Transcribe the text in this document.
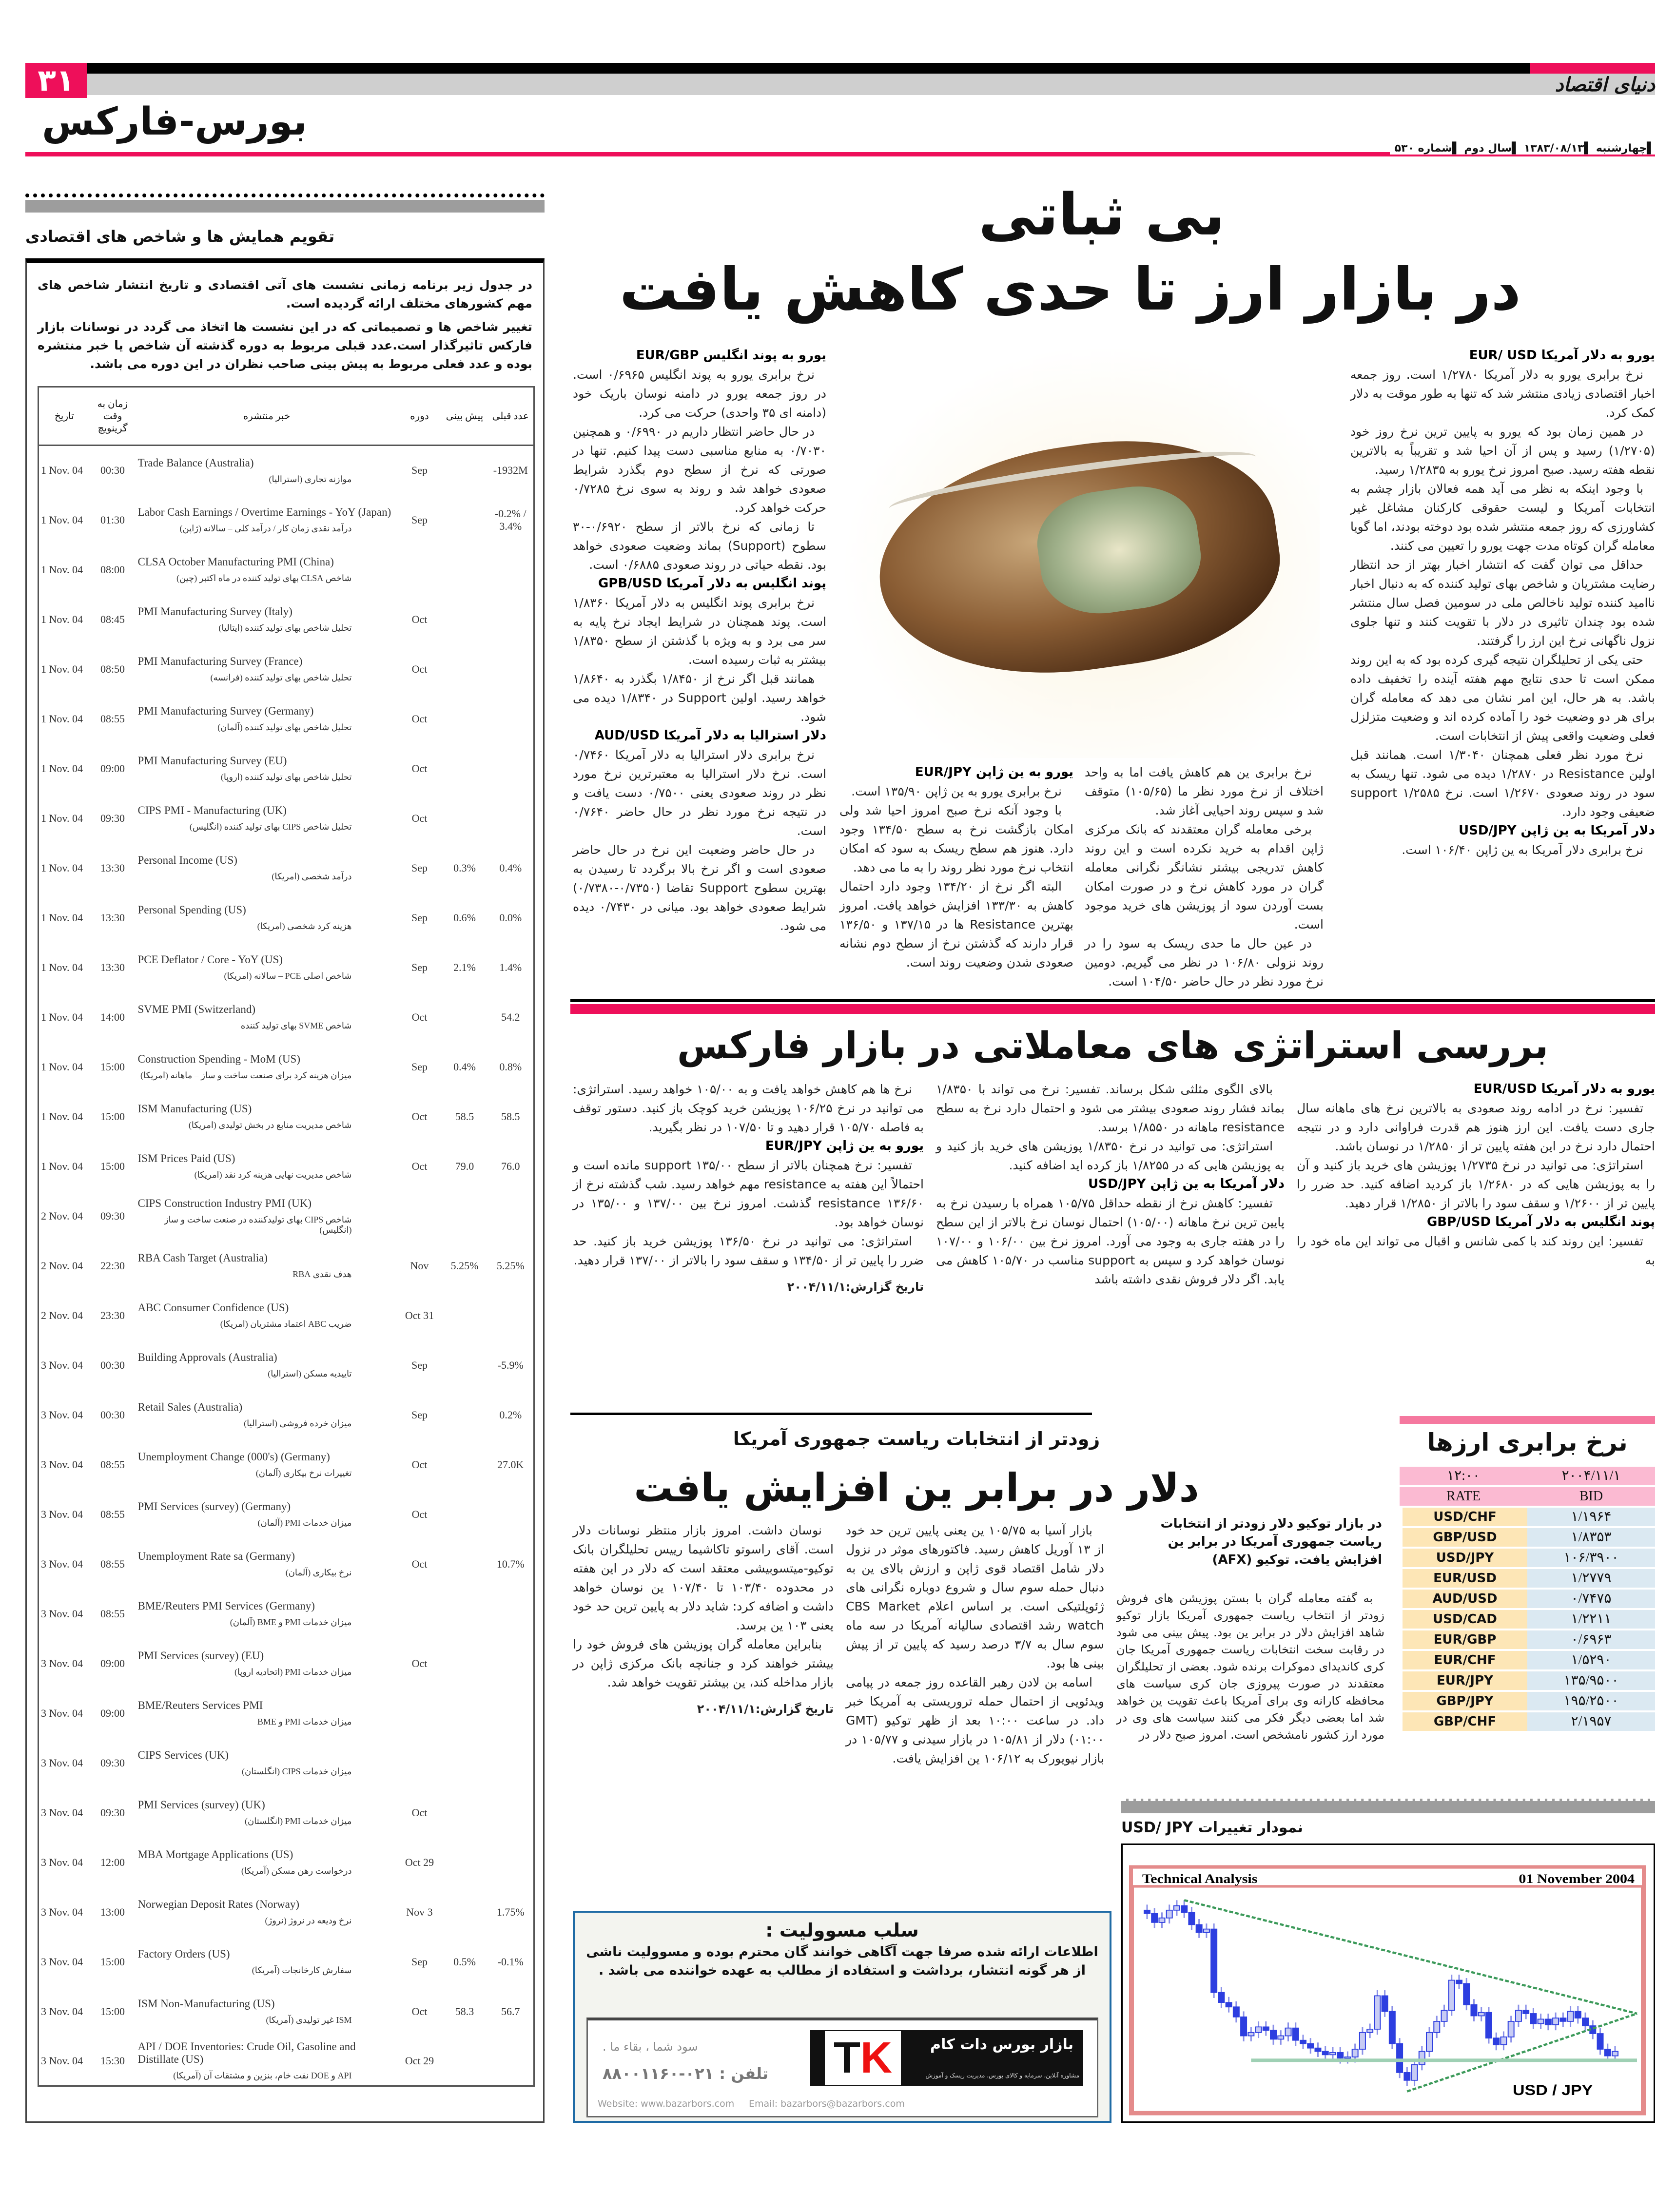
۳۱	دنیای اقتصاد
بورس-فارکس
▌چهارشنبه ▌۱۳۸۳/۰۸/۱۳ ▌سال دوم ▌شماره ۵۳۰
تقویم همایش ها و شاخص های اقتصادی
در جدول زیر برنامه زمانی نشست های آتی اقتصادی و تاریخ انتشار شاخص های مهم کشورهای مختلف ارائه گردیده است.
تغییر شاخص ها و تصمیماتی که در این نشست ها اتخاذ می گردد در نوسانات بازار فارکس تاثیرگذار است.عدد قبلی مربوط به دوره گذشته آن شاخص یا خبر منتشره بوده و عدد فعلی مربوط به پیش بینی صاحب نظران در این دوره می باشد.
تاریخ	زمان به وقت گرینویچ	خبر منتشره	دوره	پیش بینی	عدد قبلی
1 Nov. 04	00:30	Trade Balance (Australia)
موازنه تجاری (استرالیا)	Sep		-1932M
1 Nov. 04	01:30	Labor Cash Earnings / Overtime Earnings - YoY (Japan)
درآمد نقدی زمان کار / درآمد کلی – سالانه (ژاپن)	Sep		-0.2% / 3.4%
1 Nov. 04	08:00	CLSA October Manufacturing PMI (China)
شاخص CLSA بهای تولید کننده در ماه اکتبر (چین)			

1 Nov. 04	08:45	PMI Manufacturing Survey (Italy)
تحلیل شاخص بهای تولید کننده (ایتالیا)	Oct		
1 Nov. 04	08:50	PMI Manufacturing Survey (France)
تحلیل شاخص بهای تولید کننده (فرانسه)	Oct		
1 Nov. 04	08:55	PMI Manufacturing Survey (Germany)
تحلیل شاخص بهای تولید کننده (آلمان)	Oct		
1 Nov. 04	09:00	PMI Manufacturing Survey (EU)
تحلیل شاخص بهای تولید کننده (اروپا)	Oct		
1 Nov. 04	09:30	CIPS PMI - Manufacturing (UK)
تحلیل شاخص CIPS بهای تولید کننده (انگلیس)	Oct		
1 Nov. 04	13:30	Personal Income (US)
درآمد شخصی (امریکا)	Sep	0.3%	0.4%
1 Nov. 04	13:30	Personal Spending (US)
هزینه کرد شخصی (امریکا)	Sep	0.6%	0.0%
1 Nov. 04	13:30	PCE Deflator / Core - YoY (US)
شاخص اصلی PCE – سالانه (امریکا)	Sep	2.1%	1.4%
1 Nov. 04	14:00	SVME PMI (Switzerland)
شاخص SVME بهای تولید کننده	Oct		54.2
1 Nov. 04	15:00	Construction Spending - MoM (US)
میزان هزینه کرد برای صنعت ساخت و ساز – ماهانه (امریکا)	Sep	0.4%	0.8%
1 Nov. 04	15:00	ISM Manufacturing (US)
شاخص مدیریت منابع در بخش تولیدی (امریکا)	Oct	58.5	58.5
1 Nov. 04	15:00	ISM Prices Paid (US)
شاخص مدیریت نهایی هزینه کرد نقد (امریکا)	Oct	79.0	76.0
2 Nov. 04	09:30	CIPS Construction Industry PMI (UK)
شاخص CIPS بهای تولیدکننده در صنعت ساخت و ساز (انگلیس)			

2 Nov. 04	22:30	RBA Cash Target (Australia)
هدف نقدی RBA	Nov	5.25%	5.25%
2 Nov. 04	23:30	ABC Consumer Confidence (US)
ضریب ABC اعتماد مشتریان (امریکا)	Oct 31		
3 Nov. 04	00:30	Building Approvals (Australia)
تاییدیه مسکن (استرالیا)	Sep		-5.9%
3 Nov. 04	00:30	Retail Sales (Australia)
میزان خرده فروشی (استرالیا)	Sep		0.2%
3 Nov. 04	08:55	Unemployment Change (000's) (Germany)
تغییرات نرخ بیکاری (آلمان)	Oct		27.0K
3 Nov. 04	08:55	PMI Services (survey) (Germany)
میزان خدمات PMI (آلمان)	Oct		
3 Nov. 04	08:55	Unemployment Rate sa (Germany)
نرخ بیکاری (آلمان)	Oct		10.7%
3 Nov. 04	08:55	BME/Reuters PMI Services (Germany)
میزان خدمات PMI و BME (آلمان)			

3 Nov. 04	09:00	PMI Services (survey) (EU)
میزان خدمات PMI (اتحادیه اروپا)	Oct		
3 Nov. 04	09:00	BME/Reuters Services PMI
میزان خدمات PMI و BME			

3 Nov. 04	09:30	CIPS Services (UK)
میزان خدمات CIPS (انگلستان)			

3 Nov. 04	09:30	PMI Services (survey) (UK)
میزان خدمات PMI (انگلستان)	Oct		
3 Nov. 04	12:00	MBA Mortgage Applications (US)
درخواست رهن مسکن (آمریکا)	Oct 29		
3 Nov. 04	13:00	Norwegian Deposit Rates (Norway)
نرخ ودیعه در نروژ (نروژ)	Nov 3		1.75%
3 Nov. 04	15:00	Factory Orders (US)
سفارش کارخانجات (آمریکا)	Sep	0.5%	-0.1%
3 Nov. 04	15:00	ISM Non-Manufacturing (US)
ISM غیر تولیدی (آمریکا)	Oct	58.3	56.7
3 Nov. 04	15:30	API / DOE Inventories: Crude Oil, Gasoline and Distillate (US)
API و DOE نفت خام، بنزین و مشتقات آن (آمریکا)	Oct 29		
بی ثباتی
در بازار ارز تا حدی کاهش یافت
یورو به دلار آمریکا EUR/ USD

نرخ برابری یورو به دلار آمریکا ۱/۲۷۸۰ است. روز جمعه اخبار اقتصادی زیادی منتشر شد که تنها به طور موقت به دلار کمک کرد.

در همین زمان بود که یورو به پایین ترین نرخ روز خود (۱/۲۷۰۵) رسید و پس از آن احیا شد و تقریباً به بالاترین نقطه هفته رسید. صبح امروز نرخ یورو به ۱/۲۸۳۵ رسید.

با وجود اینکه به نظر می آید همه فعالان بازار چشم به انتخابات آمریکا و لیست حقوقی کارکنان مشاغل غیر کشاورزی که روز جمعه منتشر شده بود دوخته بودند، اما گویا معامله گران کوتاه مدت جهت یورو را تعیین می کنند.

حداقل می توان گفت که انتشار اخبار بهتر از حد انتظار رضایت مشتریان و شاخص بهای تولید کننده که به دنبال اخبار ناامید کننده تولید ناخالص ملی در سومین فصل سال منتشر شده بود چندان تاثیری در دلار با تقویت کنند و تنها جلوی نزول ناگهانی نرخ این ارز را گرفتند.

حتی یکی از تحلیلگران نتیجه گیری کرده بود که به این روند ممکن است تا حدی نتایج مهم هفته آینده را تخفیف داده باشد. به هر حال، این امر نشان می دهد که معامله گران برای هر دو وضعیت خود را آماده کرده اند و وضعیت متزلزل فعلی وضعیت واقعی پیش از انتخابات است.

نرخ مورد نظر فعلی همچنان ۱/۳۰۴۰ است. همانند قبل اولین Resistance در ۱/۲۸۷۰ دیده می شود. تنها ریسک به سود در روند صعودی ۱/۲۶۷۰ است. نرخ support ۱/۲۵۸۵ ضعیفی وجود دارد.

دلار آمریکا به ین ژاپن USD/JPY

نرخ برابری دلار آمریکا به ین ژاپن ۱۰۶/۴۰ است.

نرخ برابری ین هم کاهش یافت اما به واحد اختلاف از نرخ مورد نظر ما (۱۰۵/۶۵) متوقف شد و سپس روند احیایی آغاز شد.

برخی معامله گران معتقدند که بانک مرکزی ژاپن اقدام به خرید نکرده است و این روند کاهش تدریجی بیشتر نشانگر نگرانی معامله گران در مورد کاهش نرخ و در صورت امکان بست آوردن سود از پوزیشن های خرید موجود است.

در عین حال ما حدی ریسک به سود را در روند نزولی ۱۰۶/۸۰ در نظر می گیریم. دومین نرخ مورد نظر در حال حاضر ۱۰۴/۵۰ است.

یورو به ین ژاپن EUR/JPY

نرخ برابری یورو به ین ژاپن ۱۳۵/۹۰ است.

با وجود آنکه نرخ صبح امروز احیا شد ولی امکان بازگشت نرخ به سطح ۱۳۴/۵۰ وجود دارد. هنوز هم سطح ریسک به سود که امکان انتخاب نرخ مورد نظر روند را به ما می دهد.

البته اگر نرخ از ۱۳۴/۲۰ وجود دارد احتمال کاهش به ۱۳۳/۳۰ افزایش خواهد یافت. امروز بهترین Resistance ها در ۱۳۷/۱۵ و ۱۳۶/۵۰ قرار دارند که گذشتن نرخ از سطح دوم نشانه صعودی شدن وضعیت روند است.

یورو به پوند انگلیس EUR/GBP

نرخ برابری یورو به پوند انگلیس ۰/۶۹۶۵ است. در روز جمعه یورو در دامنه نوسان باریک خود (دامنه ای ۳۵ واحدی) حرکت می کرد.

در حال حاضر انتظار داریم در ۰/۶۹۹۰ و همچنین ۰/۷۰۳۰ به منابع مناسبی دست پیدا کنیم. تنها در صورتی که نرخ از سطح دوم بگذرد شرایط صعودی خواهد شد و روند به سوی نرخ ۰/۷۲۸۵ حرکت خواهد کرد.

تا زمانی که نرخ بالاتر از سطح ۰/۶۹۲۰-۳۰ سطوح (Support) بماند وضعیت صعودی خواهد بود. نقطه حیاتی در روند صعودی ۰/۶۸۸۵ است.

پوند انگلیس به دلار آمریکا GPB/USD

نرخ برابری پوند انگلیس به دلار آمریکا ۱/۸۳۶۰ است. پوند همچنان در شرایط ایجاد نرخ پایه به سر می برد و به ویژه با گذشتن از سطح ۱/۸۳۵۰ بیشتر به ثبات رسیده است.

همانند قبل اگر نرخ از ۱/۸۴۵۰ بگذرد به ۱/۸۶۴۰ خواهد رسید. اولین Support در ۱/۸۳۴۰ دیده می شود.

دلار استرالیا به دلار آمریکا AUD/USD

نرخ برابری دلار استرالیا به دلار آمریکا ۰/۷۴۶۰ است. نرخ دلار استرالیا به معتبرترین نرخ مورد نظر در روند صعودی یعنی ۰/۷۵۰۰ دست یافت و در نتیجه نرخ مورد نظر در حال حاضر ۰/۷۶۴۰ است.

در حال حاضر وضعیت این نرخ در حال حاضر صعودی است و اگر نرخ بالا برگردد تا رسیدن به بهترین سطوح Support تقاضا (۰/۷۳۵۰-۰/۷۳۸۰) شرایط صعودی خواهد بود. میانی در ۰/۷۴۳۰ دیده می شود.

بررسی استراتژی های معاملاتی در بازار فارکس
یورو به دلار آمریکا EUR/USD

تفسیر: نرخ در ادامه روند صعودی به بالاترین نرخ های ماهانه سال جاری دست یافت. این ارز هنوز هم قدرت فراوانی دارد و در نتیجه احتمال دارد نرخ در این هفته پایین تر از ۱/۲۸۵۰ در نوسان باشد.

استراتژی: می توانید در نرخ ۱/۲۷۳۵ پوزیشن های خرید باز کنید و آن را به پوزیشن هایی که در ۱/۲۶۸۰ باز کردید اضافه کنید. حد ضرر را پایین تر از ۱/۲۶۰۰ و سقف سود را بالاتر از ۱/۲۸۵۰ قرار دهید.

پوند انگلیس به دلار آمریکا GBP/USD

تفسیر: این روند کند با کمی شانس و اقبال می تواند این ماه خود را به

بالای الگوی مثلثی شکل برساند. تفسیر: نرخ می تواند با ۱/۸۳۵۰ بماند فشار روند صعودی بیشتر می شود و احتمال دارد نرخ به سطح resistance ماهانه در ۱/۸۵۵۰ برسد.

استراتژی: می توانید در نرخ ۱/۸۳۵۰ پوزیشن های خرید باز کنید و به پوزیشن هایی که در ۱/۸۲۵۵ باز کرده اید اضافه کنید.

دلار آمریکا به ین ژاپن USD/JPY

تفسیر: کاهش نرخ از نقطه حداقل ۱۰۵/۷۵ همراه با رسیدن نرخ به پایین ترین نرخ ماهانه (۱۰۵/۰۰) احتمال نوسان نرخ بالاتر از این سطح را در هفته جاری به وجود می آورد. امروز نرخ بین ۱۰۶/۰۰ و ۱۰۷/۰۰ نوسان خواهد کرد و سپس به support مناسب در ۱۰۵/۷۰ کاهش می یابد. اگر دلار فروش نقدی داشته باشد

نرخ ها هم کاهش خواهد یافت و به ۱۰۵/۰۰ خواهد رسید. استراتژی: می توانید در نرخ ۱۰۶/۲۵ پوزیشن خرید کوچک باز کنید. دستور توقف به فاصله ۱۰۵/۷۰ قرار دهید و تا ۱۰۷/۵۰ در نظر بگیرید.

یورو به ین ژاپن EUR/JPY

تفسیر: نرخ همچنان بالاتر از سطح support ۱۳۵/۰۰ مانده است و احتمالاً این هفته به resistance مهم خواهد رسید. شب گذشته نرخ از resistance ۱۳۶/۶۰ گذشت. امروز نرخ بین ۱۳۷/۰۰ و ۱۳۵/۰۰ در نوسان خواهد بود.

استراتژی: می توانید در نرخ ۱۳۶/۵۰ پوزیشن خرید باز کنید. حد ضرر را پایین تر از ۱۳۴/۵۰ و سقف سود را بالاتر از ۱۳۷/۰۰ قرار دهید.

تاریخ گزارش:۲۰۰۴/۱۱/۱
نرخ برابری ارزها
۱۲:۰۰	۲۰۰۴/۱۱/۱
RATE	BID
USD/CHF	۱/۱۹۶۴
GBP/USD	۱/۸۳۵۳
USD/JPY	۱۰۶/۳۹۰۰
EUR/USD	۱/۲۷۷۹
AUD/USD	۰/۷۴۷۵
USD/CAD	۱/۲۲۱۱
EUR/GBP	۰/۶۹۶۳
EUR/CHF	۱/۵۲۹۰
EUR/JPY	۱۳۵/۹۵۰۰
GBP/JPY	۱۹۵/۲۵۰۰
GBP/CHF	۲/۱۹۵۷
زودتر از انتخابات ریاست جمهوری آمریکا
دلار در برابر ین افزایش یافت
در بازار توکیو دلار زودتر از انتخابات ریاست جمهوری آمریکا در برابر ین افزایش یافت. توکیو (AFX)

به گفته معامله گران با بستن پوزیشن های فروش زودتر از انتخاب ریاست جمهوری آمریکا بازار توکیو شاهد افزایش دلار در برابر ین بود. پیش بینی می شود در رقابت سخت انتخابات ریاست جمهوری آمریکا جان کری کاندیدای دموکرات برنده شود. بعضی از تحلیلگران معتقدند در صورت پیروزی جان کری سیاست های محافظه کارانه وی برای آمریکا باعث تقویت ین خواهد شد اما بعضی دیگر فکر می کنند سیاست های وی در مورد ارز کشور نامشخص است. امروز صبح دلار در

بازار آسیا به ۱۰۵/۷۵ ین یعنی پایین ترین حد خود از ۱۳ آوریل کاهش رسید. فاکتورهای موثر در نزول دلار شامل اقتصاد قوی ژاپن و ارزش بالای ین به دنبال حمله سوم سال و شروع دوباره نگرانی های ژئوپلتیکی است. بر اساس اعلام CBS Market watch رشد اقتصادی سالیانه آمریکا در سه ماه سوم سال به ۳/۷ درصد رسید که پایین تر از پیش بینی ها بود.

اسامه بن لادن رهبر القاعده روز جمعه در پیامی ویدئویی از احتمال حمله تروریستی به آمریکا خبر داد. در ساعت ۱۰:۰۰ بعد از ظهر توکیو (GMT ۰۱:۰۰) دلار از ۱۰۵/۸۱ در بازار سیدنی و ۱۰۵/۷۷ در بازار نیویورک به ۱۰۶/۱۲ ین افزایش یافت.

نوسان داشت. امروز بازار منتظر نوسانات دلار است. آقای راسوتو تاکاشیما رییس تحلیلگران بانک توکیو-میتسوبیشی معتقد است که دلار در این هفته در محدوده ۱۰۳/۴۰ تا ۱۰۷/۴۰ ین نوسان خواهد داشت و اضافه کرد: شاید دلار به پایین ترین حد خود یعنی ۱۰۳ ین برسد.

بنابراین معامله گران پوزیشن های فروش خود را بیشتر خواهند کرد و جنانچه بانک مرکزی ژاپن در بازار مداخله کند، ین بیشتر تقویت خواهد شد.

تاریخ گزارش:۲۰۰۴/۱۱/۱
نمودار تغییرات USD/ JPY
Technical Analysis	01 November 2004
USD / JPY
سلب مسوولیت :

اطلاعات ارائه شده صرفا جهت آگاهی خوانند گان محترم بوده و مسوولیت ناشی از هر گونه انتشار، برداشت و استفاده از مطالب به عهده خواننده می باشد .

بازار بورس دات کام
مشاوره آنلاین، سرمایه و کالای بورس، مدیریت ریسک و آموزش
TK
سود شما ، بقاء ما .
تلفن : ۰۲۱-۸۸۰۰۱۱۶۰
Website: www.bazarbors.com Email: bazarbors@bazarbors.com
